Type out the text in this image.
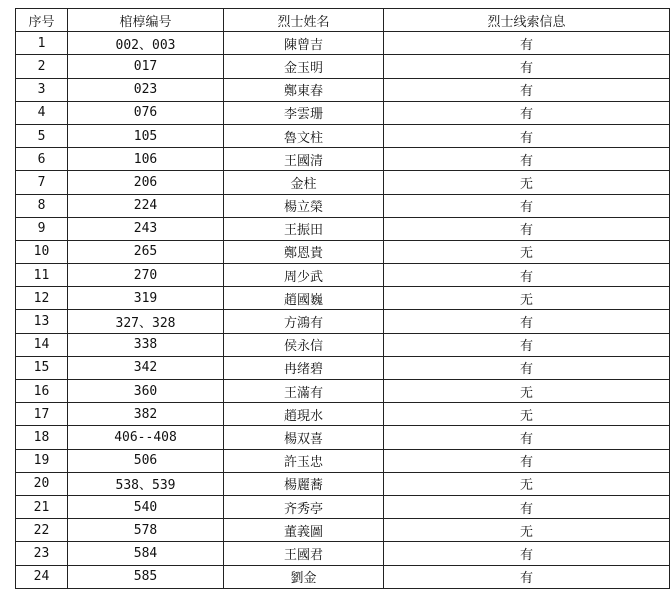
序号	棺椁编号	烈士姓名	烈士线索信息
1	002、003	陳曾吉	有
2	017	金玉明	有
3	023	鄭東春	有
4	076	李雲珊	有
5	105	魯文柱	有
6	106	王國清	有
7	206	金柱	无
8	224	楊立榮	有
9	243	王振田	有
10	265	鄭恩貴	无
11	270	周少武	有
12	319	趙國巍	无
13	327、328	方鴻有	有
14	338	侯永信	有
15	342	冉绪碧	有
16	360	王滿有	无
17	382	趙現水	无
18	406--408	楊双喜	有
19	506	許玉忠	有
20	538、539	楊麗蕎	无
21	540	齐秀亭	有
22	578	董義圖	无
23	584	王國君	有
24	585	劉金	有
